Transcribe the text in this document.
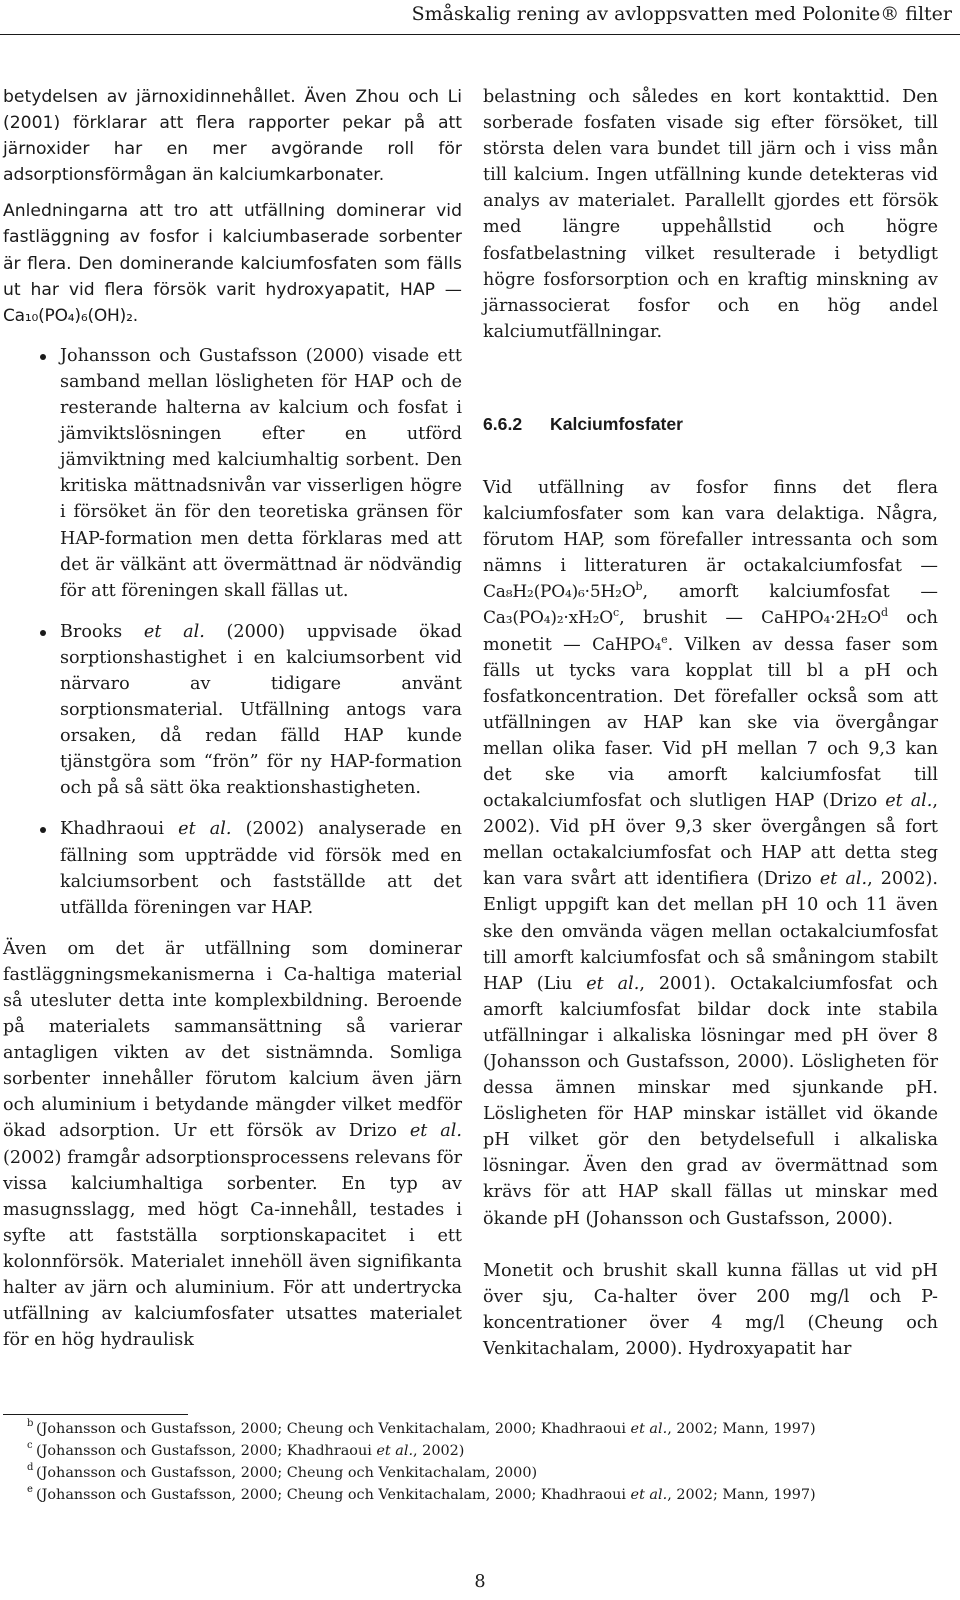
Småskalig rening av avloppsvatten med Polonite® filter

betydelsen av järnoxidinnehållet. Även Zhou och Li (2001) förklarar att flera rapporter pekar på att järnoxider har en mer avgörande roll för adsorptionsförmågan än kalciumkarbonater.

Anledningarna att tro att utfällning dominerar vid fastläggning av fosfor i kalciumbaserade sorbenter är flera. Den dominerande kalciumfosfaten som fälls ut har vid flera försök varit hydroxyapatit, HAP — Ca₁₀(PO₄)₆(OH)₂.

Johansson och Gustafsson (2000) visade ett samband mellan lösligheten för HAP och de resterande halterna av kalcium och fosfat i jämviktslösningen efter en utförd jämviktning med kalciumhaltig sorbent. Den kritiska mättnadsnivån var visserligen högre i försöket än för den teoretiska gränsen för HAP-formation men detta förklaras med att det är välkänt att övermättnad är nödvändig för att föreningen skall fällas ut.
Brooks et al. (2000) uppvisade ökad sorptionshastighet i en kalciumsorbent vid närvaro av tidigare använt sorptionsmaterial. Utfällning antogs vara orsaken, då redan fälld HAP kunde tjänstgöra som “frön” för ny HAP-formation och på så sätt öka reaktionshastigheten.
Khadhraoui et al. (2002) analyserade en fällning som uppträdde vid försök med en kalciumsorbent och fastställde att det utfällda föreningen var HAP.

Även om det är utfällning som dominerar fastläggningsmekanismerna i Ca-haltiga material så utesluter detta inte komplexbildning. Beroende på materialets sammansättning så varierar antagligen vikten av det sistnämnda. Somliga sorbenter innehåller förutom kalcium även järn och aluminium i betydande mängder vilket medför ökad adsorption. Ur ett försök av Drizo et al. (2002) framgår adsorptionsprocessens relevans för vissa kalciumhaltiga sorbenter. En typ av masugnsslagg, med högt Ca-innehåll, testades i syfte att fastställa sorptionskapacitet i ett kolonnförsök. Materialet innehöll även signifikanta halter av järn och aluminium. För att undertrycka utfällning av kalciumfosfater utsattes materialet för en hög hydraulisk

belastning och således en kort kontakttid. Den sorberade fosfaten visade sig efter försöket, till största delen vara bundet till järn och i viss mån till kalcium. Ingen utfällning kunde detekteras vid analys av materialet. Parallellt gjordes ett försök med längre uppehållstid och högre fosfatbelastning vilket resulterade i betydligt högre fosforsorption och en kraftig minskning av järnassocierat fosfor och en hög andel kalciumutfällningar.

6.6.2 Kalciumfosfater

Vid utfällning av fosfor finns det flera kalciumfosfater som kan vara delaktiga. Några, förutom HAP, som förefaller intressanta och som nämns i litteraturen är octakalciumfosfat — $Ca_8H_2(PO_4)_6\cdot 5H_2O^b$, amorft kalciumfosfat — $Ca_3(PO_4)_2\cdot xH_2O^c$, brushit — $CaHPO_4\cdot 2H_2O^d$ och monetit — CaHPO₄$^e$. Vilken av dessa faser som fälls ut tycks vara kopplat till bl a pH och fosfatkoncentration. Det förefaller också som att utfällningen av HAP kan ske via övergångar mellan olika faser. Vid pH mellan 7 och 9,3 kan det ske via amorft kalciumfosfat till octakalciumfosfat och slutligen HAP (Drizo et al., 2002). Vid pH över 9,3 sker övergången så fort mellan octakalciumfosfat och HAP att detta steg kan vara svårt att identifiera (Drizo et al., 2002). Enligt uppgift kan det mellan pH 10 och 11 även ske den omvända vägen mellan octakalciumfosfat till amorft kalciumfosfat och så småningom stabilt HAP (Liu et al., 2001). Octakalciumfosfat och amorft kalciumfosfat bildar dock inte stabila utfällningar i alkaliska lösningar med pH över 8 (Johansson och Gustafsson, 2000). Lösligheten för dessa ämnen minskar med sjunkande pH. Lösligheten för HAP minskar istället vid ökande pH vilket gör den betydelsefull i alkaliska lösningar. Även den grad av övermättnad som krävs för att HAP skall fällas ut minskar med ökande pH (Johansson och Gustafsson, 2000).

Monetit och brushit skall kunna fällas ut vid pH över sju, Ca-halter över 200 mg/l och P-koncentrationer över 4 mg/l (Cheung och Venkitachalam, 2000). Hydroxyapatit har

b (Johansson och Gustafsson, 2000; Cheung och Venkitachalam, 2000; Khadhraoui et al., 2002; Mann, 1997)
c (Johansson och Gustafsson, 2000; Khadhraoui et al., 2002)
d (Johansson och Gustafsson, 2000; Cheung och Venkitachalam, 2000)
e (Johansson och Gustafsson, 2000; Cheung och Venkitachalam, 2000; Khadhraoui et al., 2002; Mann, 1997)
8
